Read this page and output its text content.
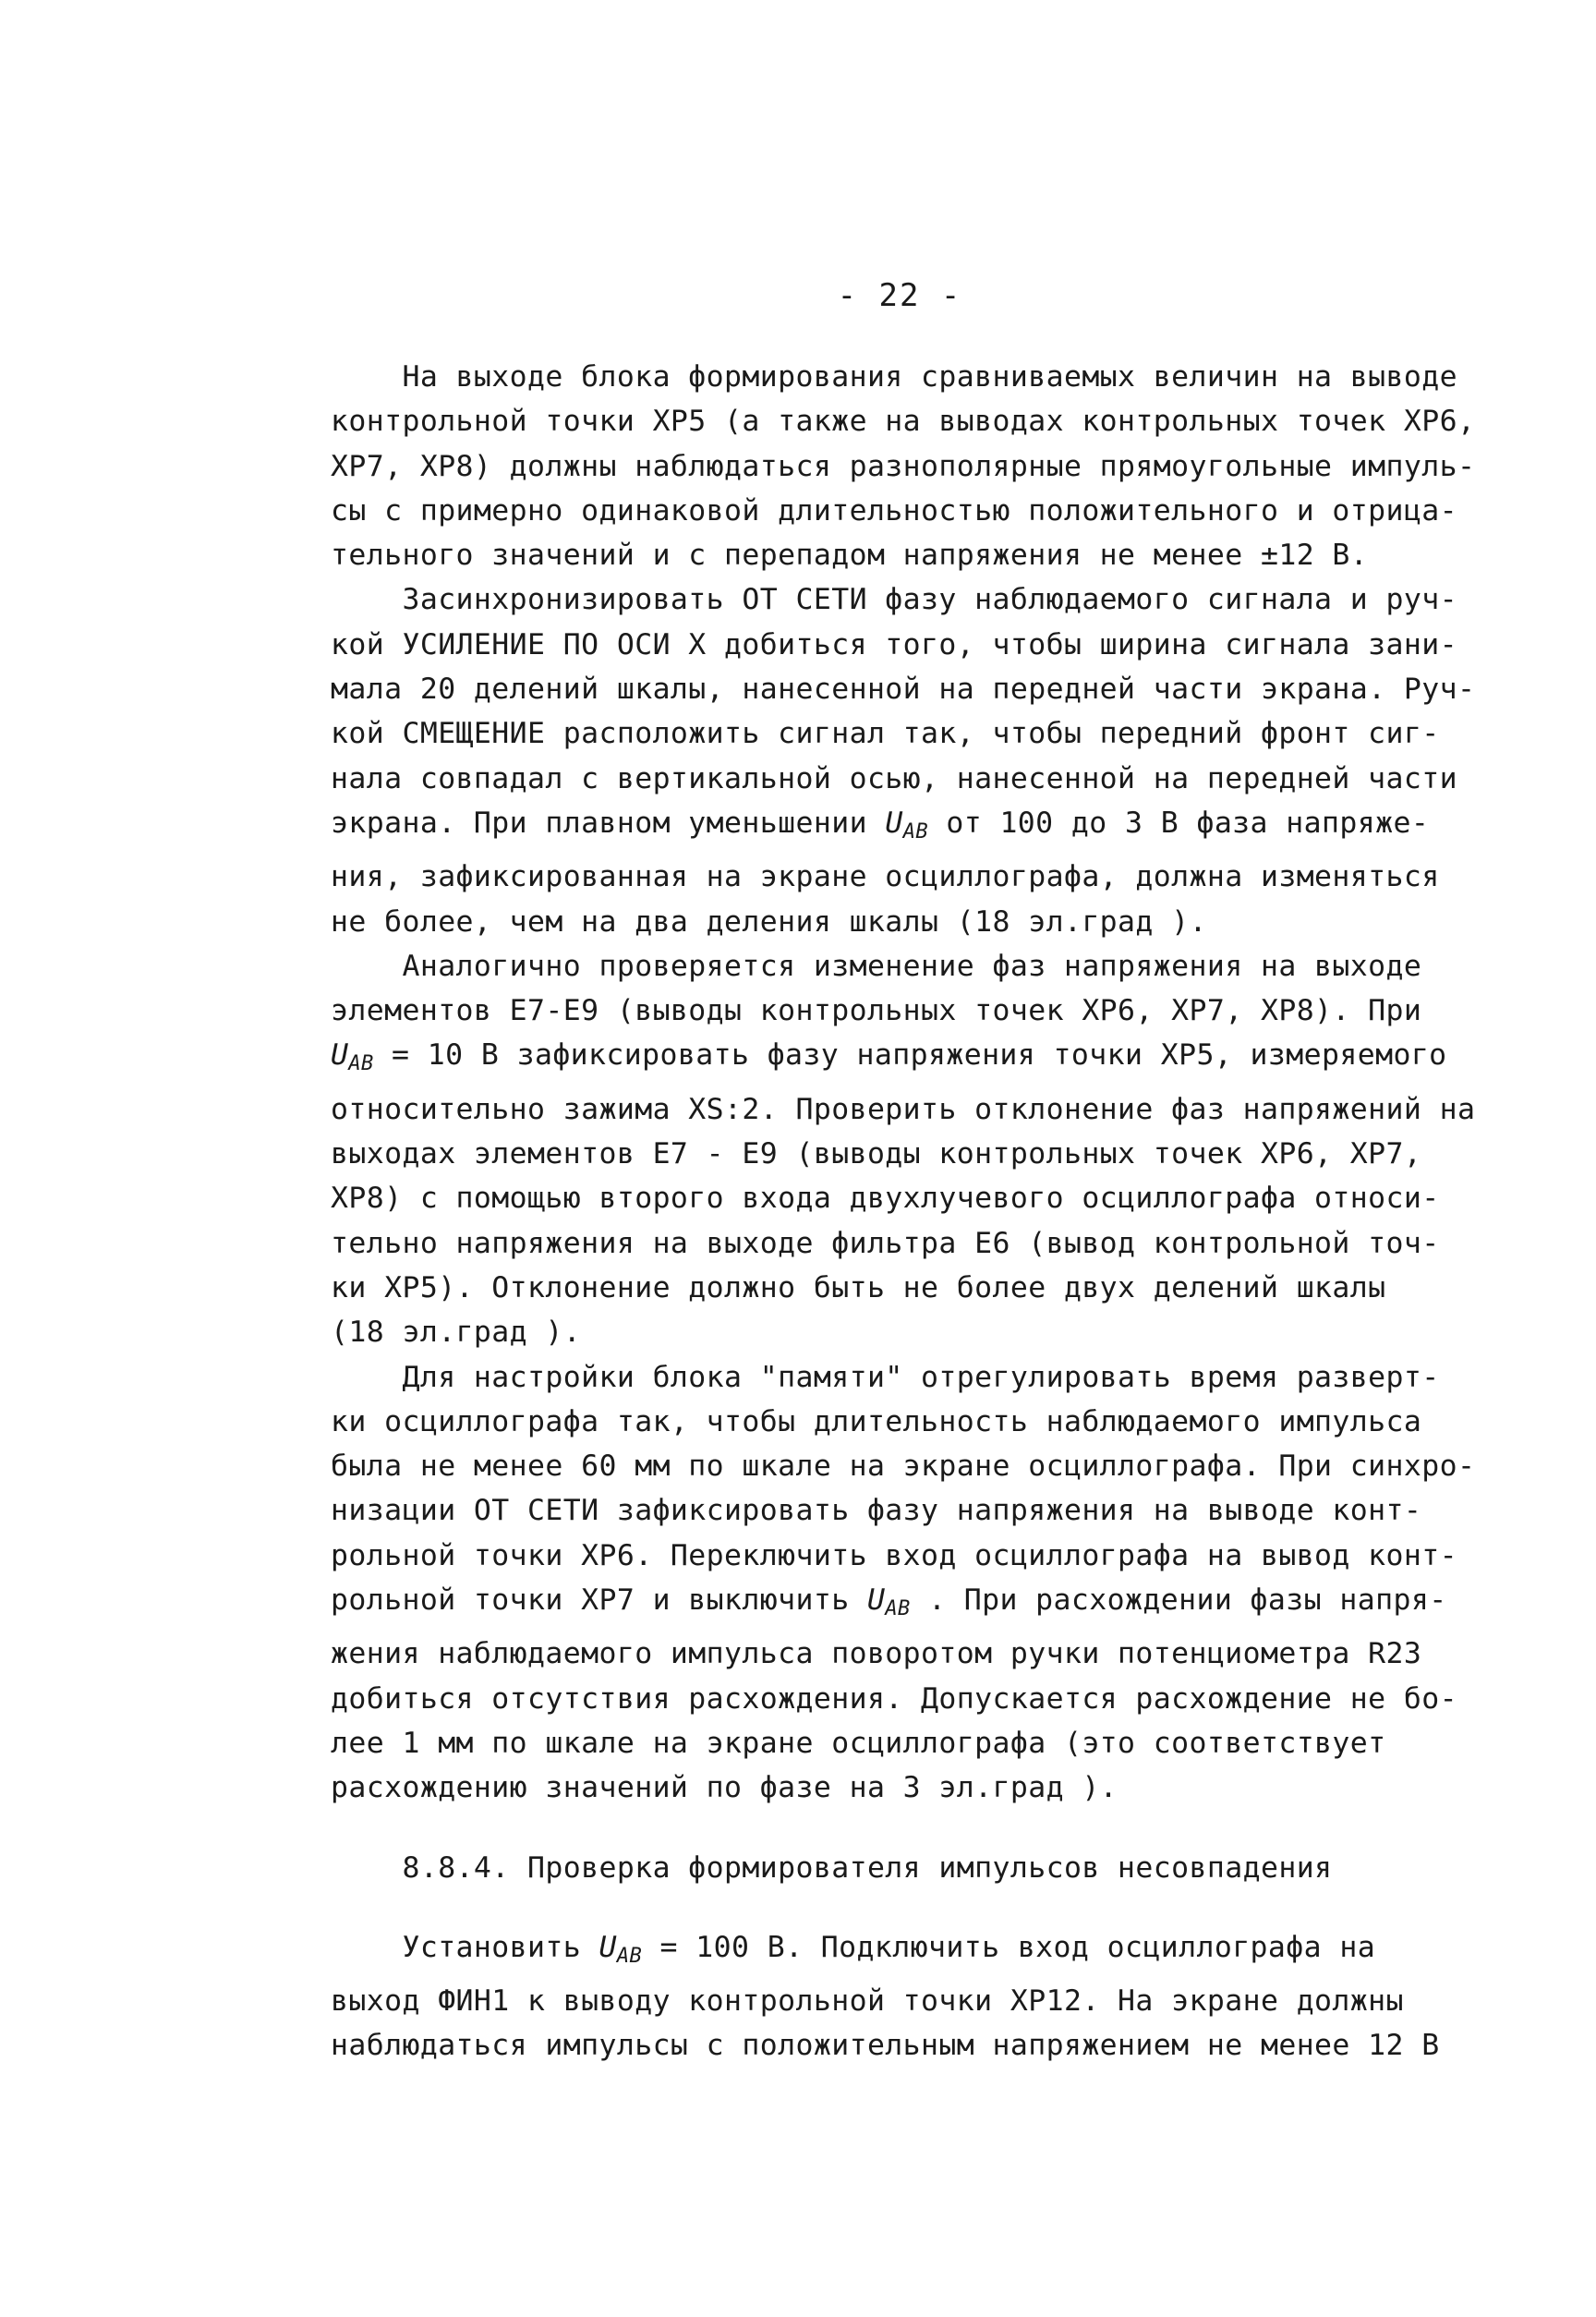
- 22 -
На выходе блока формирования сравниваемых величин на выводе
контрольной точки ХР5 (а также на выводах контрольных точек ХР6,
ХР7, ХР8) должны наблюдаться разнополярные прямоугольные импуль-
сы с примерно одинаковой длительностью положительного и отрица-
тельного значений и с перепадом напряжения не менее ±12 В.
Засинхронизировать ОТ СЕТИ фазу наблюдаемого сигнала и руч-
кой УСИЛЕНИЕ ПО ОСИ Х добиться того, чтобы ширина сигнала зани-
мала 20 делений шкалы, нанесенной на передней части экрана. Руч-
кой СМЕЩЕНИЕ расположить сигнал так, чтобы передний фронт сиг-
нала совпадал с вертикальной осью, нанесенной на передней части
экрана. При плавном уменьшении $U_{AB}$ от 100 до 3 В фаза напряже-
ния, зафиксированная на экране осциллографа, должна изменяться
не более, чем на два деления шкалы (18 эл.град ).
Аналогично проверяется изменение фаз напряжения на выходе
элементов Е7-Е9 (выводы контрольных точек ХР6, ХР7, ХР8). При
$U_{AB} = 10$ В зафиксировать фазу напряжения точки ХР5, измеряемого
относительно зажима XS:2. Проверить отклонение фаз напряжений на
выходах элементов Е7 - Е9 (выводы контрольных точек ХР6, ХР7,
ХР8) с помощью второго входа двухлучевого осциллографа относи-
тельно напряжения на выходе фильтра Е6 (вывод контрольной точ-
ки ХР5). Отклонение должно быть не более двух делений шкалы
(18 эл.град ).
Для настройки блока "памяти" отрегулировать время разверт-
ки осциллографа так, чтобы длительность наблюдаемого импульса
была не менее 60 мм по шкале на экране осциллографа. При синхро-
низации ОТ СЕТИ зафиксировать фазу напряжения на выводе конт-
рольной точки ХР6. Переключить вход осциллографа на вывод конт-
рольной точки ХР7 и выключить $U_{AB}$ . При расхождении фазы напря-
жения наблюдаемого импульса поворотом ручки потенциометра R23
добиться отсутствия расхождения. Допускается расхождение не бо-
лее 1 мм по шкале на экране осциллографа (это соответствует
расхождению значений по фазе на 3 эл.град ).
8.8.4. Проверка формирователя импульсов несовпадения
Установить $U_{AB} = 100$ В. Подключить вход осциллографа на
выход ФИН1 к выводу контрольной точки ХР12. На экране должны
наблюдаться импульсы с положительным напряжением не менее 12 В
